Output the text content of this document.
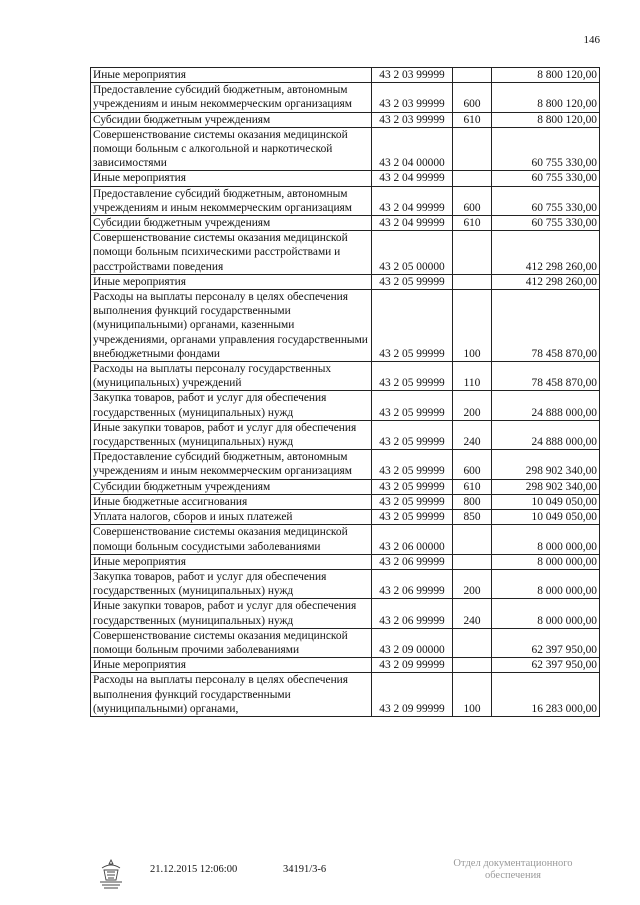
146
Иные мероприятия	43 2 03 99999		8 800 120,00
Предоставление субсидий бюджетным, автономным учреждениям и иным некоммерческим организациям	43 2 03 99999	600	8 800 120,00
Субсидии бюджетным учреждениям	43 2 03 99999	610	8 800 120,00
Совершенствование системы оказания медицинской помощи больным с алкогольной и наркотической зависимостями	43 2 04 00000		60 755 330,00
Иные мероприятия	43 2 04 99999		60 755 330,00
Предоставление субсидий бюджетным, автономным учреждениям и иным некоммерческим организациям	43 2 04 99999	600	60 755 330,00
Субсидии бюджетным учреждениям	43 2 04 99999	610	60 755 330,00
Совершенствование системы оказания медицинской помощи больным психическими расстройствами и расстройствами поведения	43 2 05 00000		412 298 260,00
Иные мероприятия	43 2 05 99999		412 298 260,00
Расходы на выплаты персоналу в целях обеспечения выполнения функций государственными (муниципальными) органами, казенными учреждениями, органами управления государственными внебюджетными фондами	43 2 05 99999	100	78 458 870,00
Расходы на выплаты персоналу государственных (муниципальных) учреждений	43 2 05 99999	110	78 458 870,00
Закупка товаров, работ и услуг для обеспечения государственных (муниципальных) нужд	43 2 05 99999	200	24 888 000,00
Иные закупки товаров, работ и услуг для обеспечения государственных (муниципальных) нужд	43 2 05 99999	240	24 888 000,00
Предоставление субсидий бюджетным, автономным учреждениям и иным некоммерческим организациям	43 2 05 99999	600	298 902 340,00
Субсидии бюджетным учреждениям	43 2 05 99999	610	298 902 340,00
Иные бюджетные ассигнования	43 2 05 99999	800	10 049 050,00
Уплата налогов, сборов и иных платежей	43 2 05 99999	850	10 049 050,00
Совершенствование системы оказания медицинской помощи больным сосудистыми заболеваниями	43 2 06 00000		8 000 000,00
Иные мероприятия	43 2 06 99999		8 000 000,00
Закупка товаров, работ и услуг для обеспечения государственных (муниципальных) нужд	43 2 06 99999	200	8 000 000,00
Иные закупки товаров, работ и услуг для обеспечения государственных (муниципальных) нужд	43 2 06 99999	240	8 000 000,00
Совершенствование системы оказания медицинской помощи больным прочими заболеваниями	43 2 09 00000		62 397 950,00
Иные мероприятия	43 2 09 99999		62 397 950,00
Расходы на выплаты персоналу в целях обеспечения выполнения функций государственными (муниципальными) органами,	43 2 09 99999	100	16 283 000,00
21.12.2015 12:06:00	34191/3-6
Отдел документационного
обеспечения
